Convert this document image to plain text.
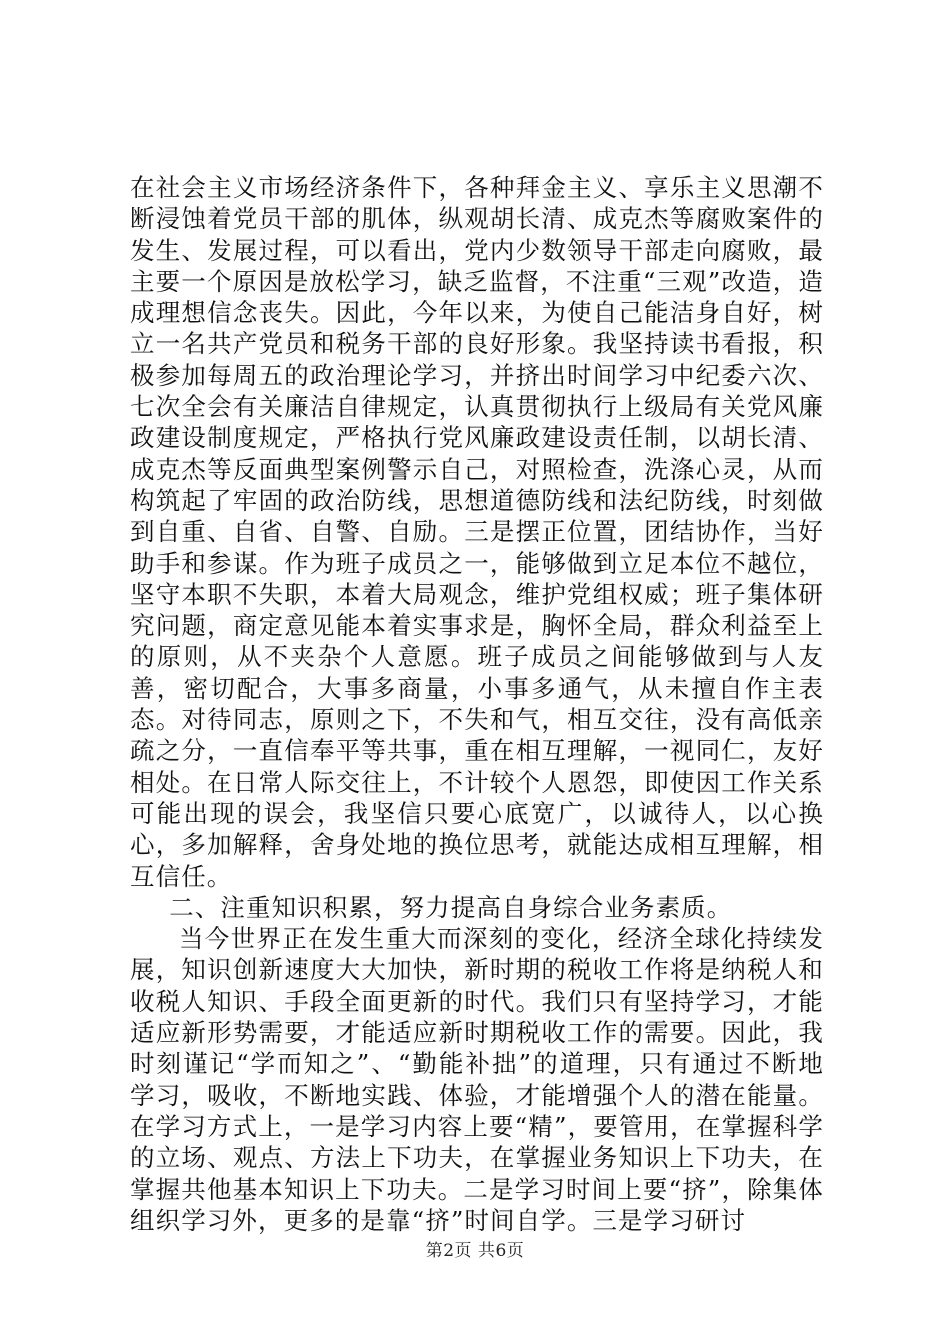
在社会主义市场经济条件下，各种拜金主义、享乐主义思潮不断浸蚀着党员干部的肌体，纵观胡长清、成克杰等腐败案件的发生、发展过程，可以看出，党内少数领导干部走向腐败，最主要一个原因是放松学习，缺乏监督，不注重“三观”改造，造成理想信念丧失。因此，今年以来，为使自己能洁身自好，树立一名共产党员和税务干部的良好形象。我坚持读书看报，积极参加每周五的政治理论学习，并挤出时间学习中纪委六次、七次全会有关廉洁自律规定，认真贯彻执行上级局有关党风廉政建设制度规定，严格执行党风廉政建设责任制，以胡长清、成克杰等反面典型案例警示自己，对照检查，洗涤心灵，从而构筑起了牢固的政治防线，思想道德防线和法纪防线，时刻做到自重、自省、自警、自励。三是摆正位置，团结协作，当好助手和参谋。作为班子成员之一，能够做到立足本位不越位，坚守本职不失职，本着大局观念，维护党组权威；班子集体研究问题，商定意见能本着实事求是，胸怀全局，群众利益至上的原则，从不夹杂个人意愿。班子成员之间能够做到与人友善，密切配合，大事多商量，小事多通气，从未擅自作主表态。对待同志，原则之下，不失和气，相互交往，没有高低亲疏之分，一直信奉平等共事，重在相互理解，一视同仁，友好相处。在日常人际交往上，不计较个人恩怨，即使因工作关系可能出现的误会，我坚信只要心底宽广，以诚待人，以心换心，多加解释，舍身处地的换位思考，就能达成相互理解，相互信任。

二、注重知识积累，努力提高自身综合业务素质。

当今世界正在发生重大而深刻的变化，经济全球化持续发展，知识创新速度大大加快，新时期的税收工作将是纳税人和收税人知识、手段全面更新的时代。我们只有坚持学习，才能适应新形势需要，才能适应新时期税收工作的需要。因此，我时刻谨记“学而知之”、“勤能补拙”的道理，只有通过不断地学习，吸收，不断地实践、体验，才能增强个人的潜在能量。在学习方式上，一是学习内容上要“精”，要管用，在掌握科学的立场、观点、方法上下功夫，在掌握业务知识上下功夫，在掌握共他基本知识上下功夫。二是学习时间上要“挤”，除集体组织学习外，更多的是靠“挤”时间自学。三是学习研讨

第2页 共6页
